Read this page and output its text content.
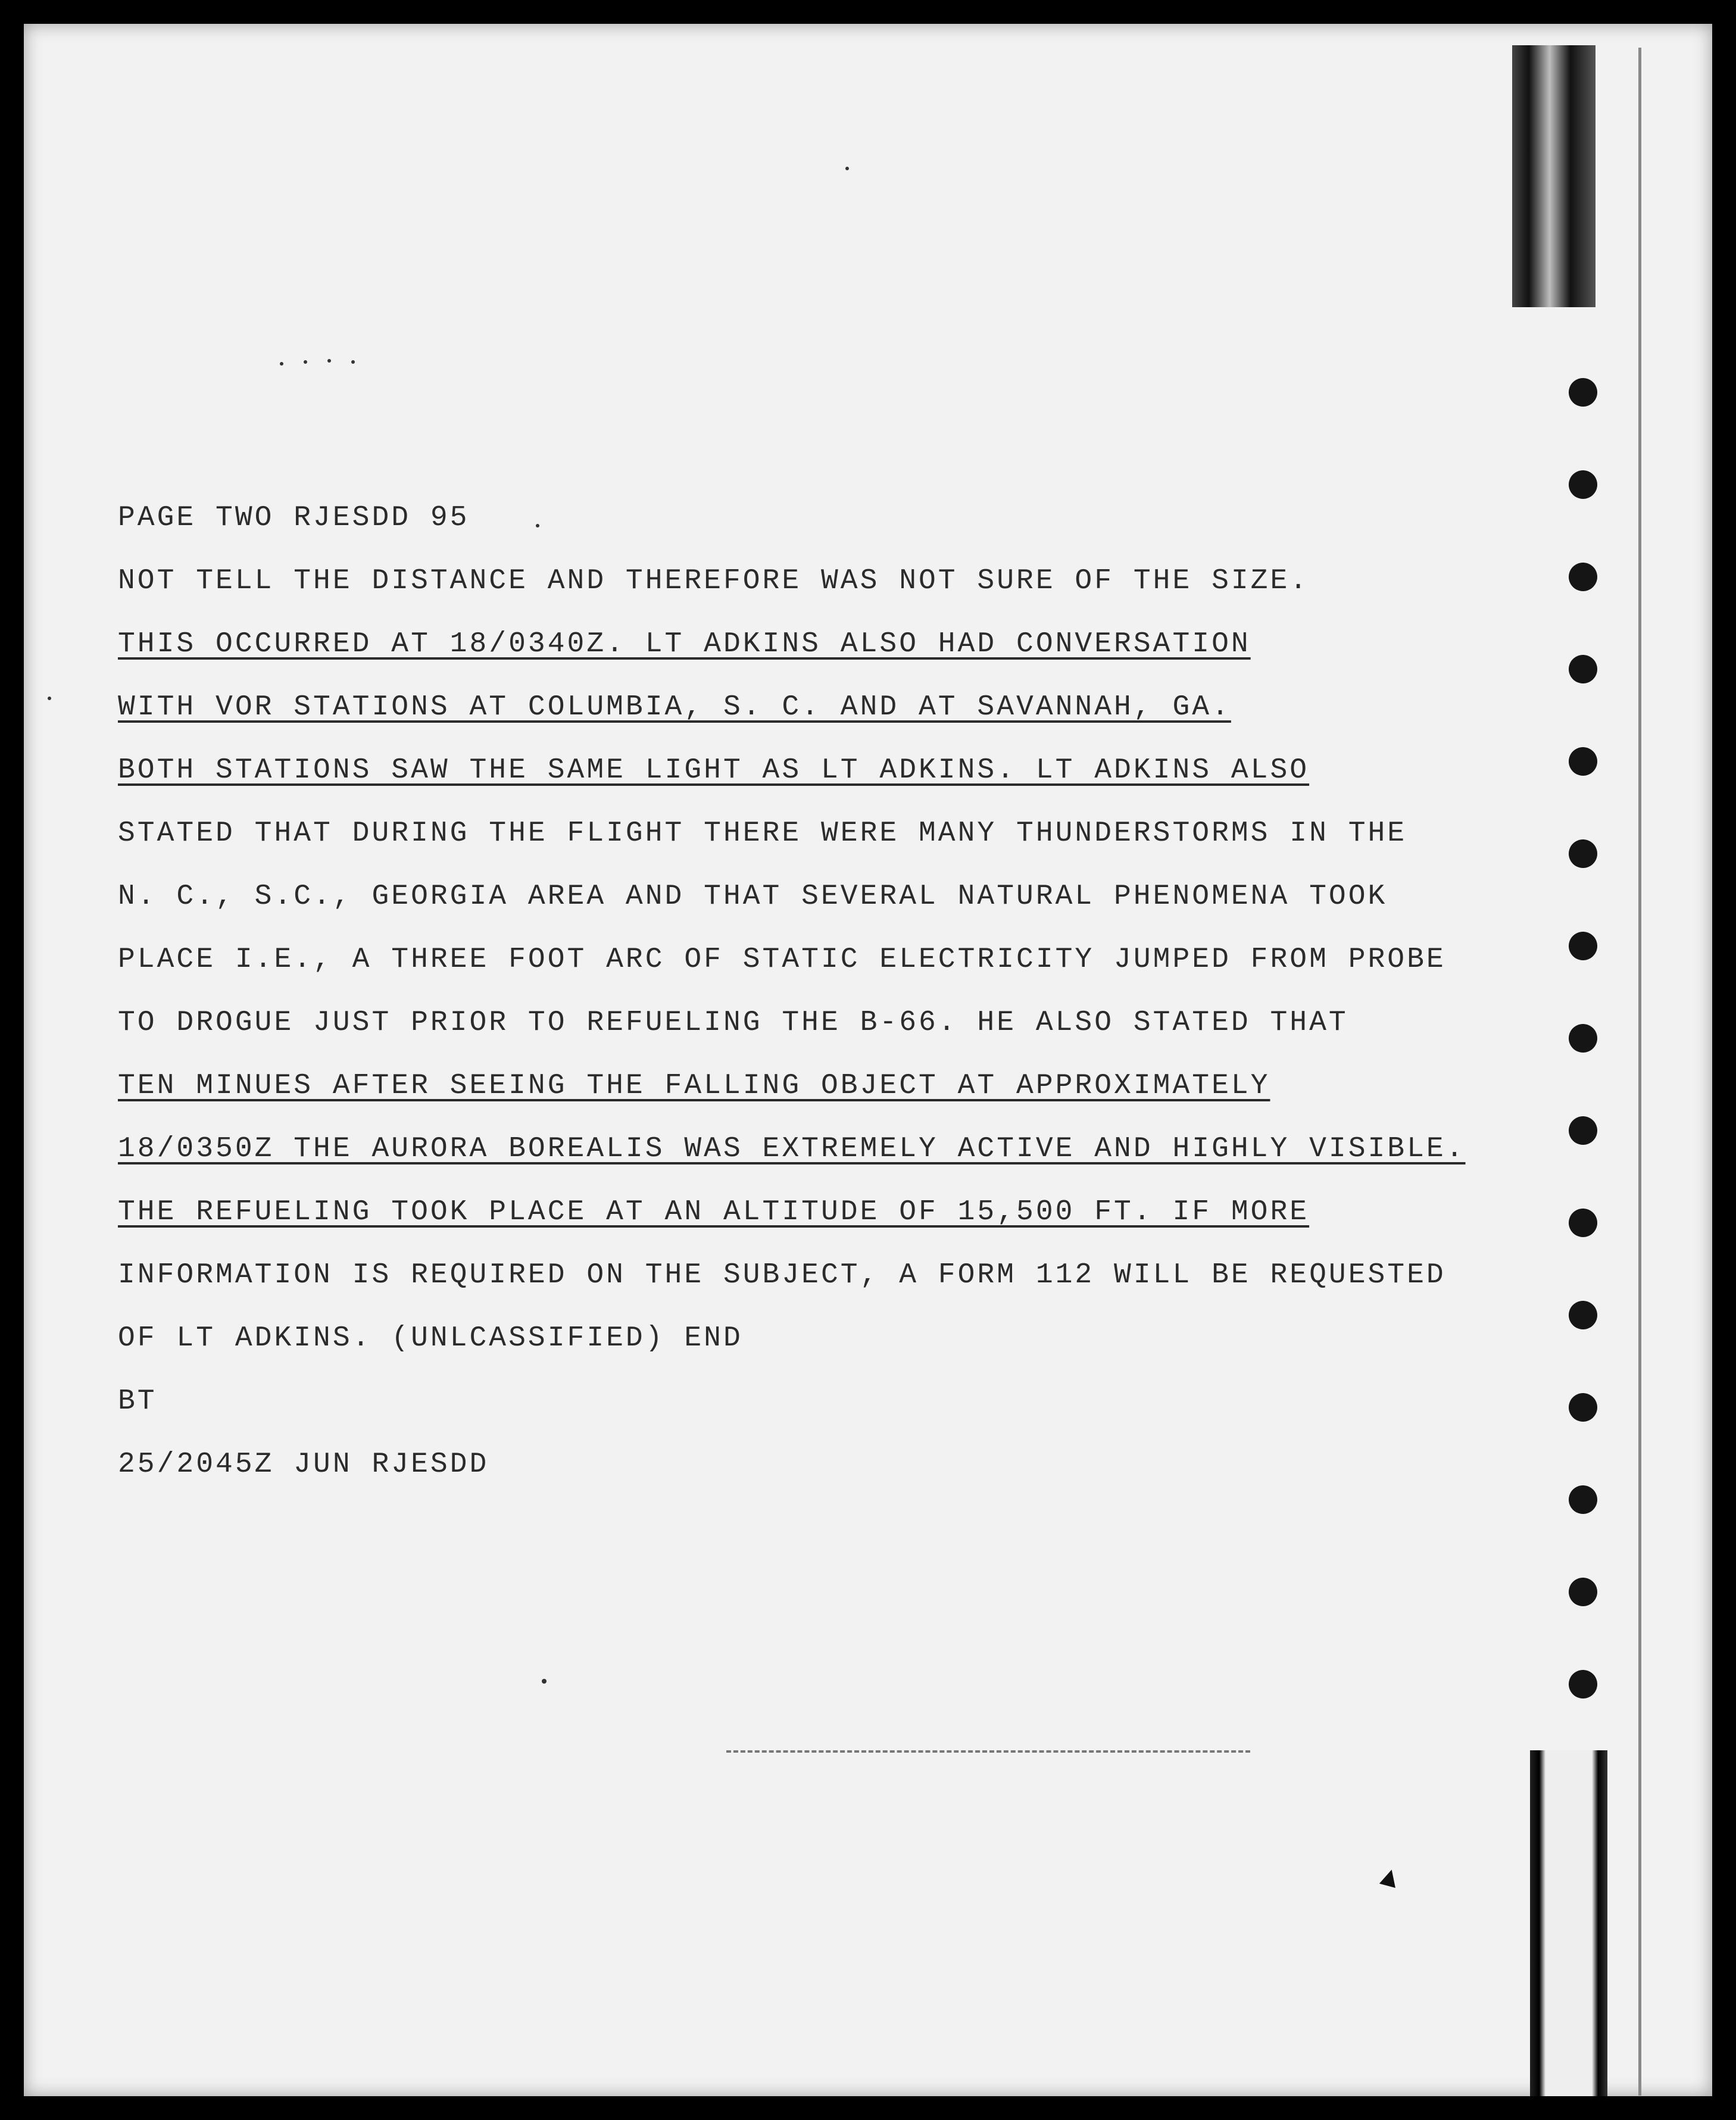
PAGE TWO RJESDD 95
NOT TELL THE DISTANCE AND THEREFORE WAS NOT SURE OF THE SIZE.
THIS OCCURRED AT 18/0340Z. LT ADKINS ALSO HAD CONVERSATION
WITH VOR STATIONS AT COLUMBIA, S. C. AND AT SAVANNAH, GA.
BOTH STATIONS SAW THE SAME LIGHT AS LT ADKINS. LT ADKINS ALSO
STATED THAT DURING THE FLIGHT THERE WERE MANY THUNDERSTORMS IN THE
N. C., S.C., GEORGIA AREA AND THAT SEVERAL NATURAL PHENOMENA TOOK
PLACE I.E., A THREE FOOT ARC OF STATIC ELECTRICITY JUMPED FROM PROBE
TO DROGUE JUST PRIOR TO REFUELING THE B-66. HE ALSO STATED THAT
TEN MINUES AFTER SEEING THE FALLING OBJECT AT APPROXIMATELY
18/0350Z THE AURORA BOREALIS WAS EXTREMELY ACTIVE AND HIGHLY VISIBLE.
THE REFUELING TOOK PLACE AT AN ALTITUDE OF 15,500 FT. IF MORE
INFORMATION IS REQUIRED ON THE SUBJECT, A FORM 112 WILL BE REQUESTED
OF LT ADKINS. (UNLCASSIFIED) END
BT
25/2045Z JUN RJESDD
